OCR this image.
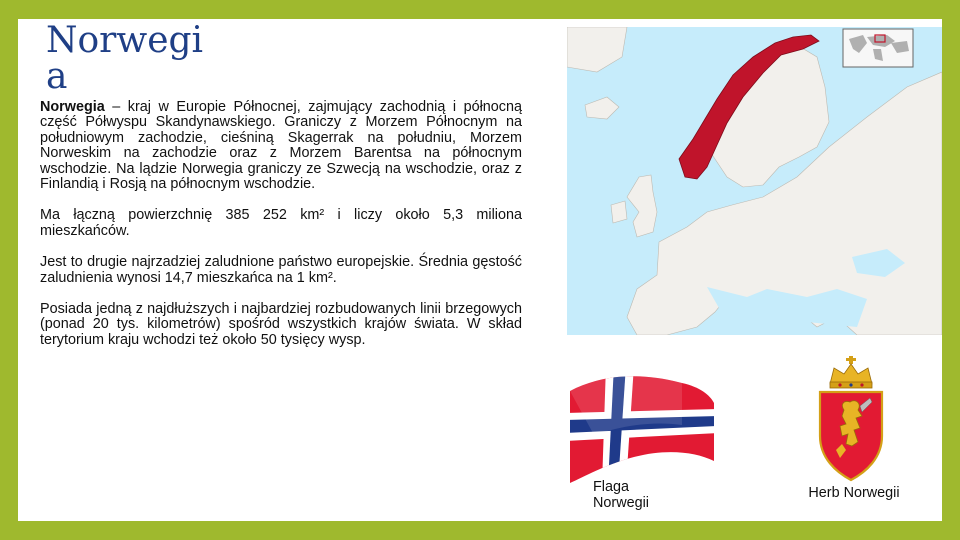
Norwegia

Norwegia – kraj w Europie Północnej, zajmujący zachodnią i północną część Półwyspu Skandynawskiego. Graniczy z Morzem Północnym na południowym zachodzie, cieśniną Skagerrak na południu, Morzem Norweskim na zachodzie oraz z Morzem Barentsa na północnym wschodzie. Na lądzie Norwegia graniczy ze Szwecją na wschodzie, oraz z Finlandią i Rosją na północnym wschodzie.

Ma łączną powierzchnię 385 252 km² i liczy około 5,3 miliona mieszkańców.

Jest to drugie najrzadziej zaludnione państwo europejskie. Średnia gęstość zaludnienia wynosi 14,7 mieszkańca na 1 km².

Posiada jedną z najdłuższych i najbardziej rozbudowanych linii brzegowych (ponad 20 tys. kilometrów) spośród wszystkich krajów świata. W skład terytorium kraju wchodzi też około 50 tysięcy wysp.

Flaga Norwegii
Herb Norwegii
